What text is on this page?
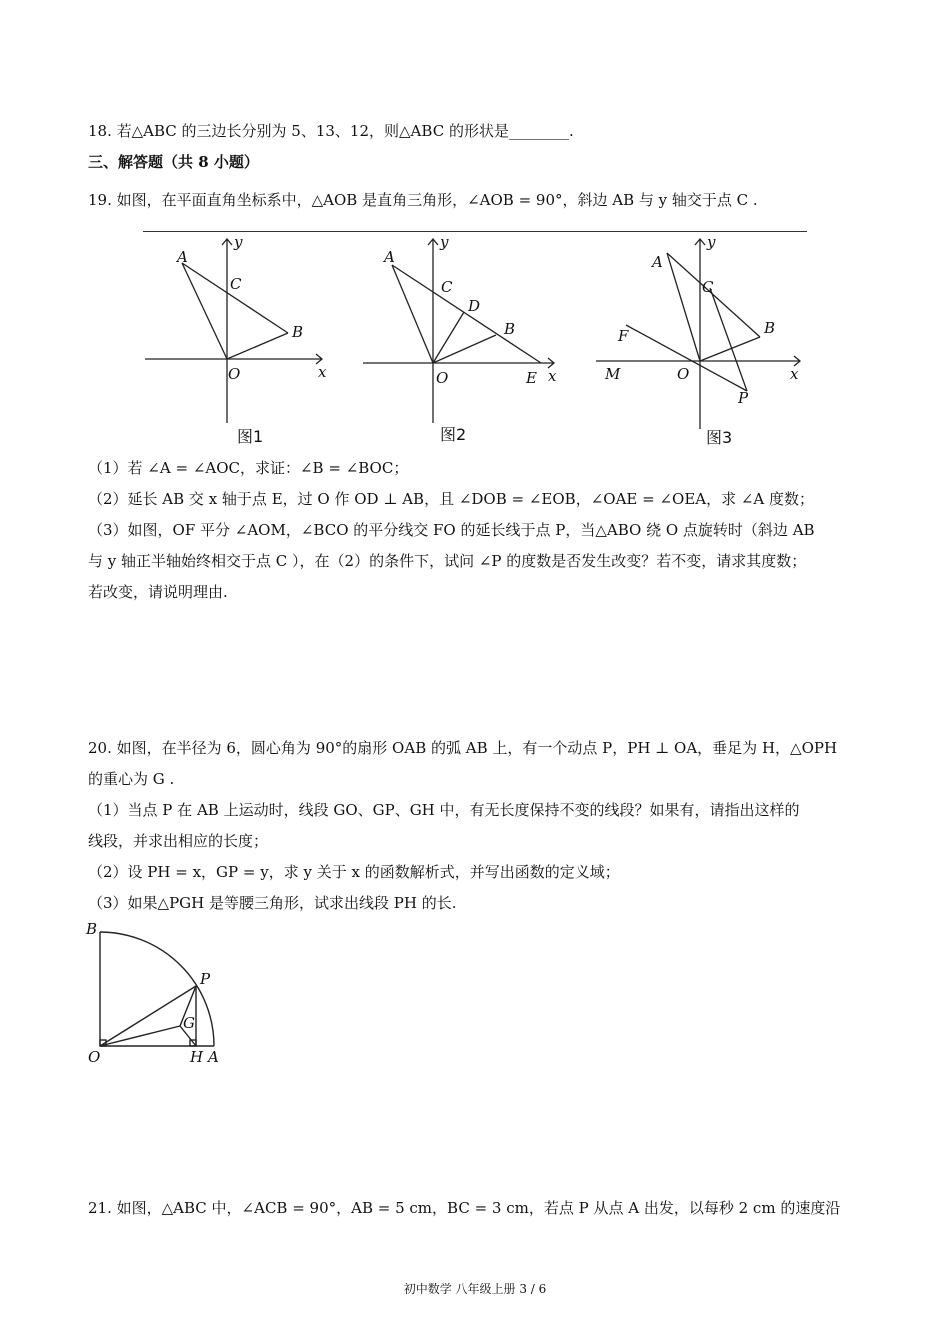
18. 若△ABC 的三边长分别为 5、13、12，则△ABC 的形状是________.
三、解答题（共 8 小题）
19. 如图，在平面直角坐标系中，△AOB 是直角三角形，∠AOB = 90°，斜边 AB 与 y 轴交于点 C .
y
A
C
B
O	x
图1
y
A
C
D
B
O	E x
图2
y
A
C
B
F
M	O
P
x
图3
（1）若 ∠A = ∠AOC，求证：∠B = ∠BOC；
（2）延长 AB 交 x 轴于点 E，过 O 作 OD ⊥ AB，且 ∠DOB = ∠EOB，∠OAE = ∠OEA，求 ∠A 度数；
（3）如图，OF 平分 ∠AOM，∠BCO 的平分线交 FO 的延长线于点 P，当△ABO 绕 O 点旋转时（斜边 AB
与 y 轴正半轴始终相交于点 C ），在（2）的条件下，试问 ∠P 的度数是否发生改变？若不变，请求其度数；
若改变，请说明理由.
20. 如图，在半径为 6，圆心角为 90°的扇形 OAB 的弧 AB 上，有一个动点 P，PH ⊥ OA，垂足为 H，△OPH
的重心为 G .
（1）当点 P 在 AB 上运动时，线段 GO、GP、GH 中，有无长度保持不变的线段？如果有，请指出这样的
线段，并求出相应的长度；
（2）设 PH = x，GP = y，求 y 关于 x 的函数解析式，并写出函数的定义域；
（3）如果△PGH 是等腰三角形，试求出线段 PH 的长.
B
P
G
O	H A
21. 如图，△ABC 中，∠ACB = 90°，AB = 5 cm，BC = 3 cm，若点 P 从点 A 出发，以每秒 2 cm 的速度沿
初中数学 八年级上册 3 / 6
